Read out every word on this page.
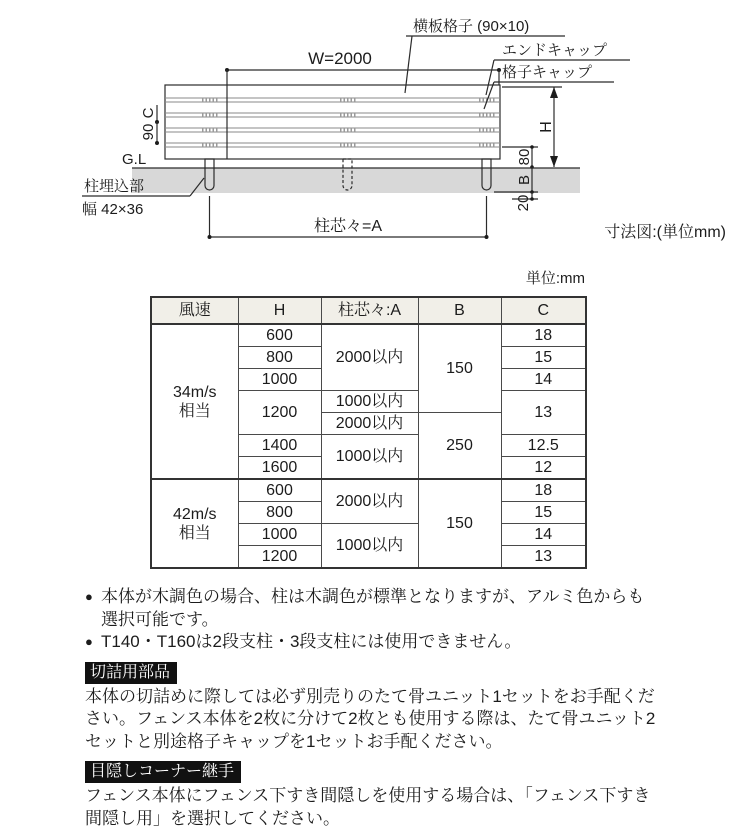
W=2000
横板格子 (90×10)
エンドキャップ
格子キャップ
C
90
G.L
柱埋込部
幅 42×36
柱芯々=A
80
B
20
H
寸法図:(単位mm)
単位:mm
風速	H	柱芯々:A	B	C

34m/s
相当	600	2000以内	150	18
	800			15
	1000			14
	1200	1000以内		13
		2000以内	250	
	1400	1000以内		12.5
	1600			12

42m/s
相当	600	2000以内	150	18
	800			15
	1000	1000以内		14
	1200			13
● 本体が木調色の場合、柱は木調色が標準となりますが、アルミ色からも選択可能です。
● T140・T160は2段支柱・3段支柱には使用できません。
切詰用部品
本体の切詰めに際しては必ず別売りのたて骨ユニット1セットをお手配ください。フェンス本体を2枚に分けて2枚とも使用する際は、たて骨ユニット2セットと別途格子キャップを1セットお手配ください。
目隠しコーナー継手
フェンス本体にフェンス下すき間隠しを使用する場合は、「フェンス下すき間隠し用」を選択してください。
